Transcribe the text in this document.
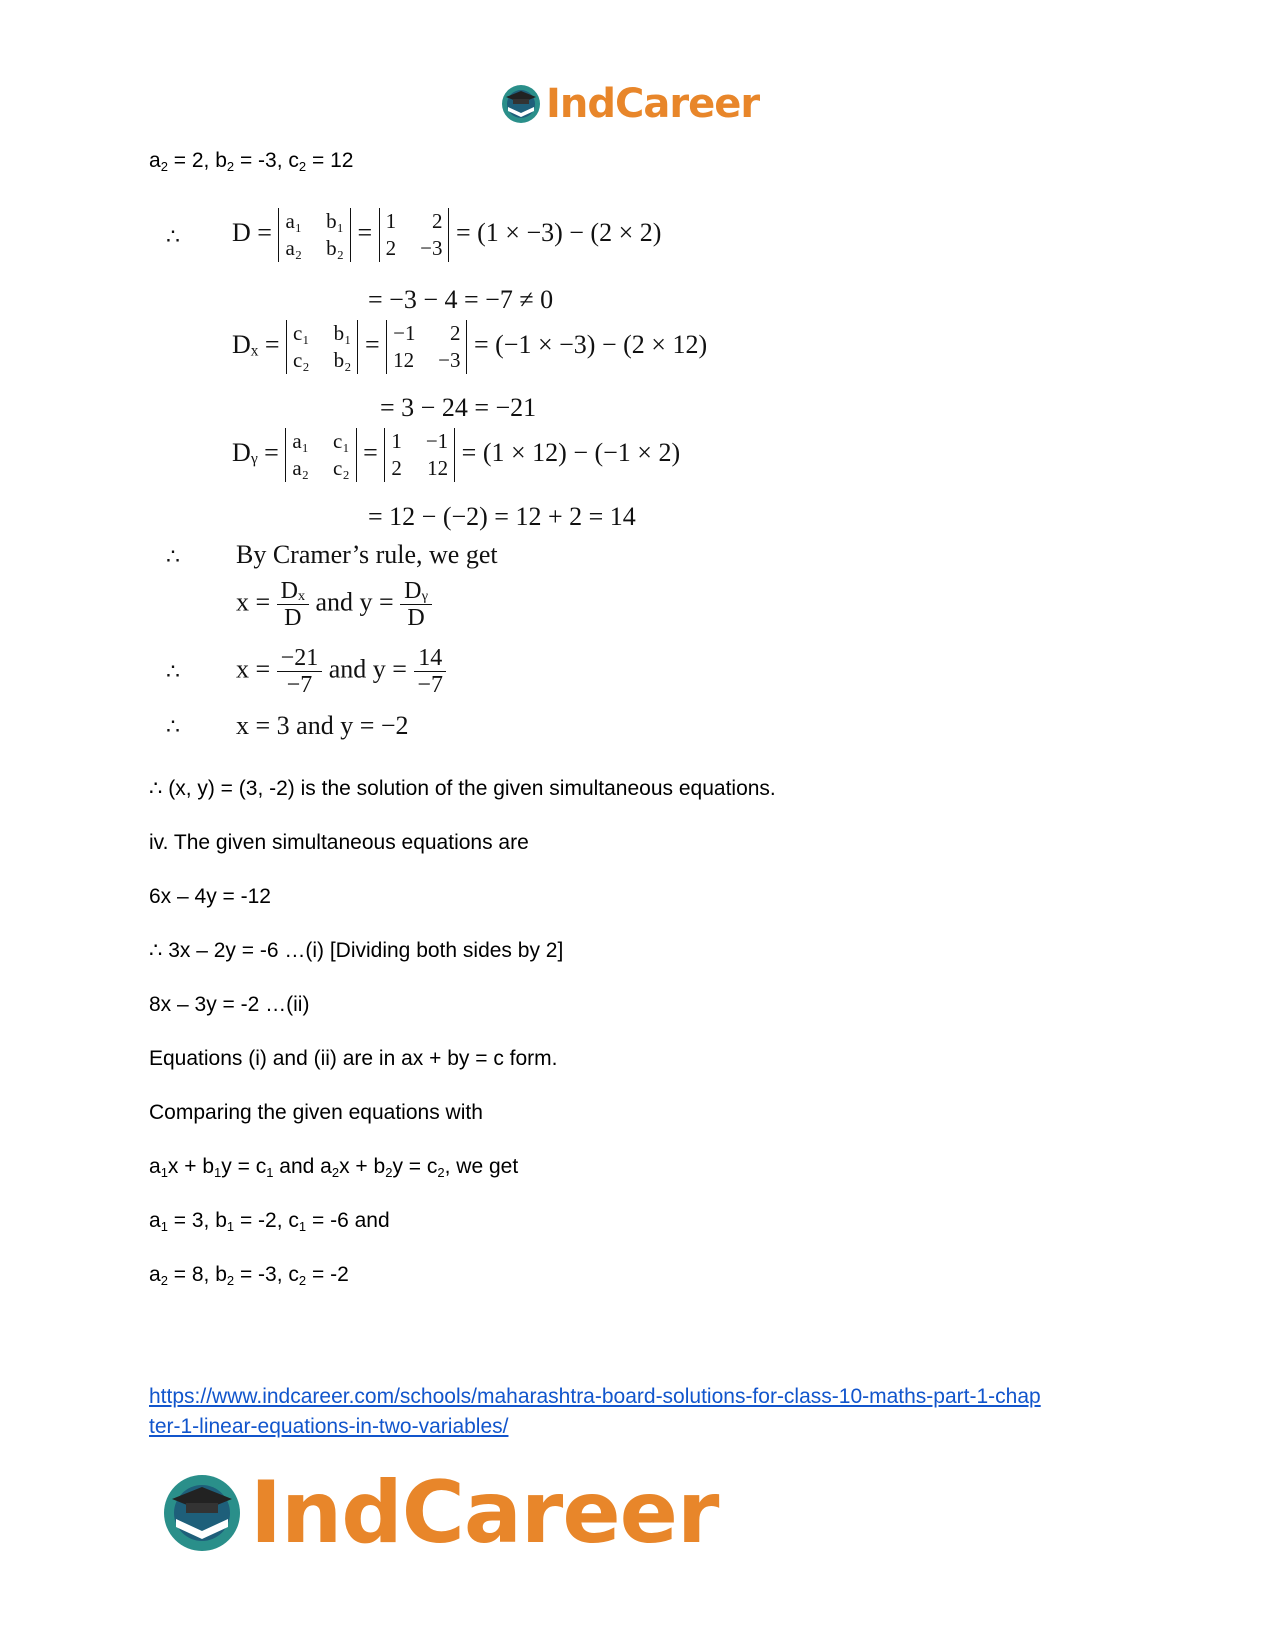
IndCareer
$a_2 = 2$, $b_2 = -3$, $c_2 = 12$
∴ D = a₁ b₁
a₂ b₂
= 1 2
2 −3
= (1 × −3) − (2 × 2)
= −3 − 4 = −7 ≠ 0
Dₓ = c₁ b₁
c₂ b₂
= −1 2
12 −3
= (−1 × −3) − (2 × 12)
= 3 − 24 = −21
Dᵧ = a₁ c₁
a₂ c₂
= 1 −1
2 12
= (1 × 12) − (−1 × 2)
= 12 − (−2) = 12 + 2 = 14
∴ By Cramer’s rule, we get
$x = \frac{\text{Dₓ}}{D}$ and $y = \frac{\text{Dᵧ}}{D}$
∴ $x = \frac{-21}{-7}$ and $y = \frac{14}{-7}$
∴ x = 3 and y = −2
∴ (x, y) = (3, -2) is the solution of the given simultaneous equations.
iv. The given simultaneous equations are
6x – 4y = -12
∴ 3x – 2y = -6 …(i) [Dividing both sides by 2]
8x – 3y = -2 …(ii)
Equations (i) and (ii) are in ax + by = c form.
Comparing the given equations with
$a_1x + b_1y = c_1$ and $a_2x + b_2y = c_2$, we get
$a_1 = 3$, $b_1 = -2$, $c_1 = -6$ and
$a_2 = 8$, $b_2 = -3$, $c_2 = -2$
https://www.indcareer.com/schools/maharashtra-board-solutions-for-class-10-maths-part-1-chap
ter-1-linear-equations-in-two-variables/
IndCareer
